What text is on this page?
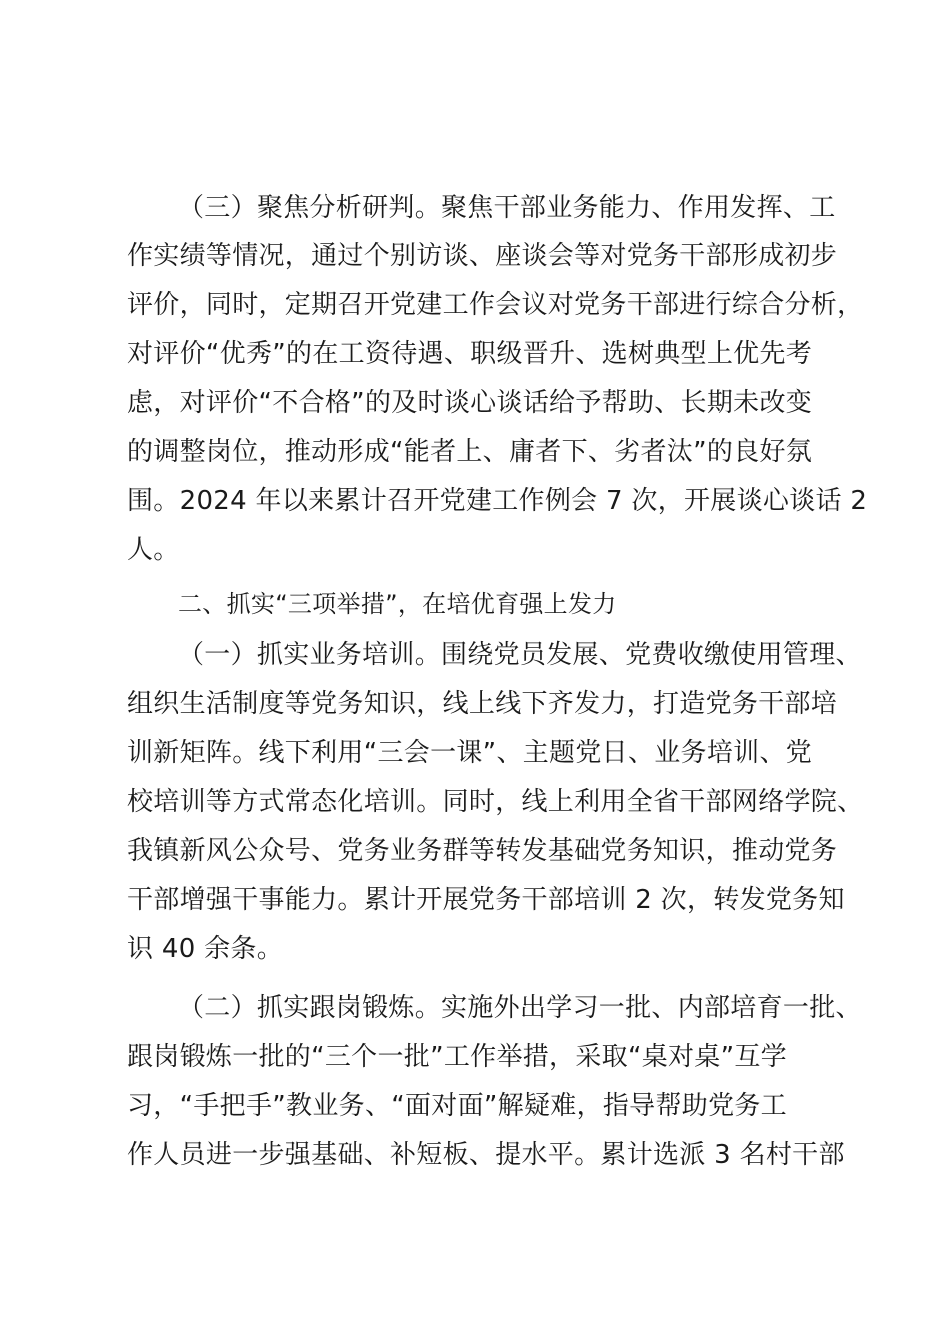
（三）聚焦分析研判。聚焦干部业务能力、作用发挥、工
作实绩等情况，通过个别访谈、座谈会等对党务干部形成初步
评价，同时，定期召开党建工作会议对党务干部进行综合分析，
对评价“优秀”的在工资待遇、职级晋升、选树典型上优先考
虑，对评价“不合格”的及时谈心谈话给予帮助、长期未改变
的调整岗位，推动形成“能者上、庸者下、劣者汰”的良好氛
围。2024 年以来累计召开党建工作例会 7 次，开展谈心谈话 2
人。
二、抓实“三项举措”，在培优育强上发力
（一）抓实业务培训。围绕党员发展、党费收缴使用管理、
组织生活制度等党务知识，线上线下齐发力，打造党务干部培
训新矩阵。线下利用“三会一课”、主题党日、业务培训、党
校培训等方式常态化培训。同时，线上利用全省干部网络学院、
我镇新风公众号、党务业务群等转发基础党务知识，推动党务
干部增强干事能力。累计开展党务干部培训 2 次，转发党务知
识 40 余条。
（二）抓实跟岗锻炼。实施外出学习一批、内部培育一批、
跟岗锻炼一批的“三个一批”工作举措，采取“桌对桌”互学
习，“手把手”教业务、“面对面”解疑难，指导帮助党务工
作人员进一步强基础、补短板、提水平。累计选派 3 名村干部
